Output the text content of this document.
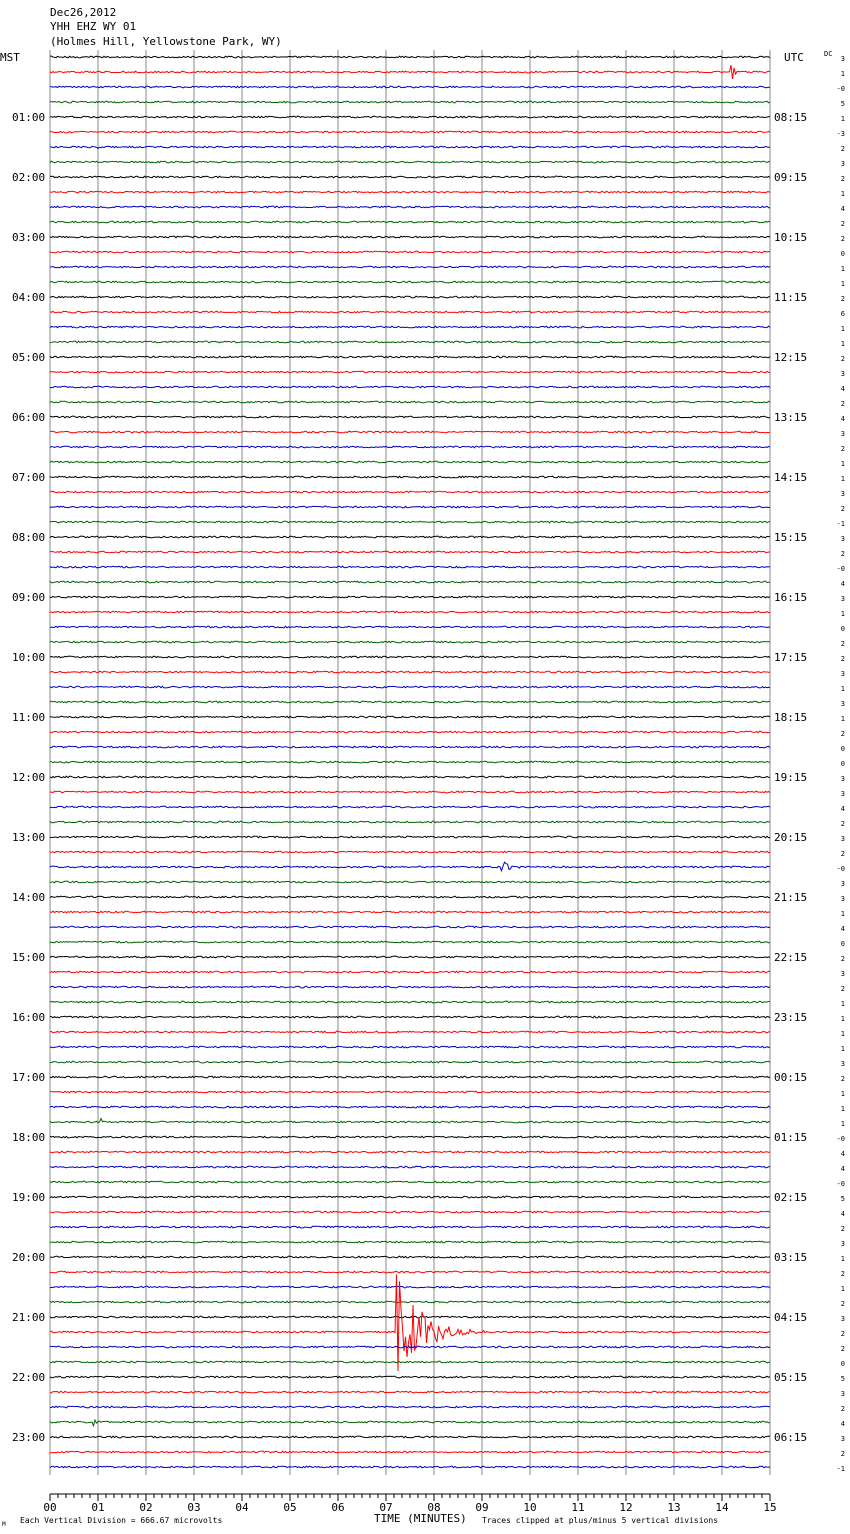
Dec26,2012
YHH EHZ WY 01
(Holmes Hill, Yellowstone Park, WY)
MST	UTC	DC
01:00
02:00
03:00
04:00
05:00
06:00
07:00
08:00
09:00
10:00
11:00
12:00
13:00
14:00
15:00
16:00
17:00
18:00
19:00
20:00
21:00
22:00
23:00
08:15
09:15
10:15
11:15
12:15
13:15
14:15
15:15
16:15
17:15
18:15
19:15
20:15
21:15
22:15
23:15
00:15
01:15
02:15
03:15
04:15
05:15
06:15
3
1
-0
5
1
-3
2
3
2
1
4
2
2
0
1
1
2
6
1
1
2
3
4
2
4
3
2
1
1
3
2
-1
3
2
-0
4
3
1
0
2
2
3
1
3
1
2
0
0
3
3
4
2
3
2
-0
3
3
1
4
0
2
3
2
1
1
1
1
3
2
1
1
1
-0
4
4
-0
5
4
2
3
1
2
1
2
3
2
2
0
5
3
2
4
3
2
-1
00	01	02	03	04	05	06	07	08	09	10	11	12	13	14	15
TIME (MINUTES)
Each Vertical Division = 666.67 microvolts	Traces clipped at plus/minus 5 vertical divisions
M
